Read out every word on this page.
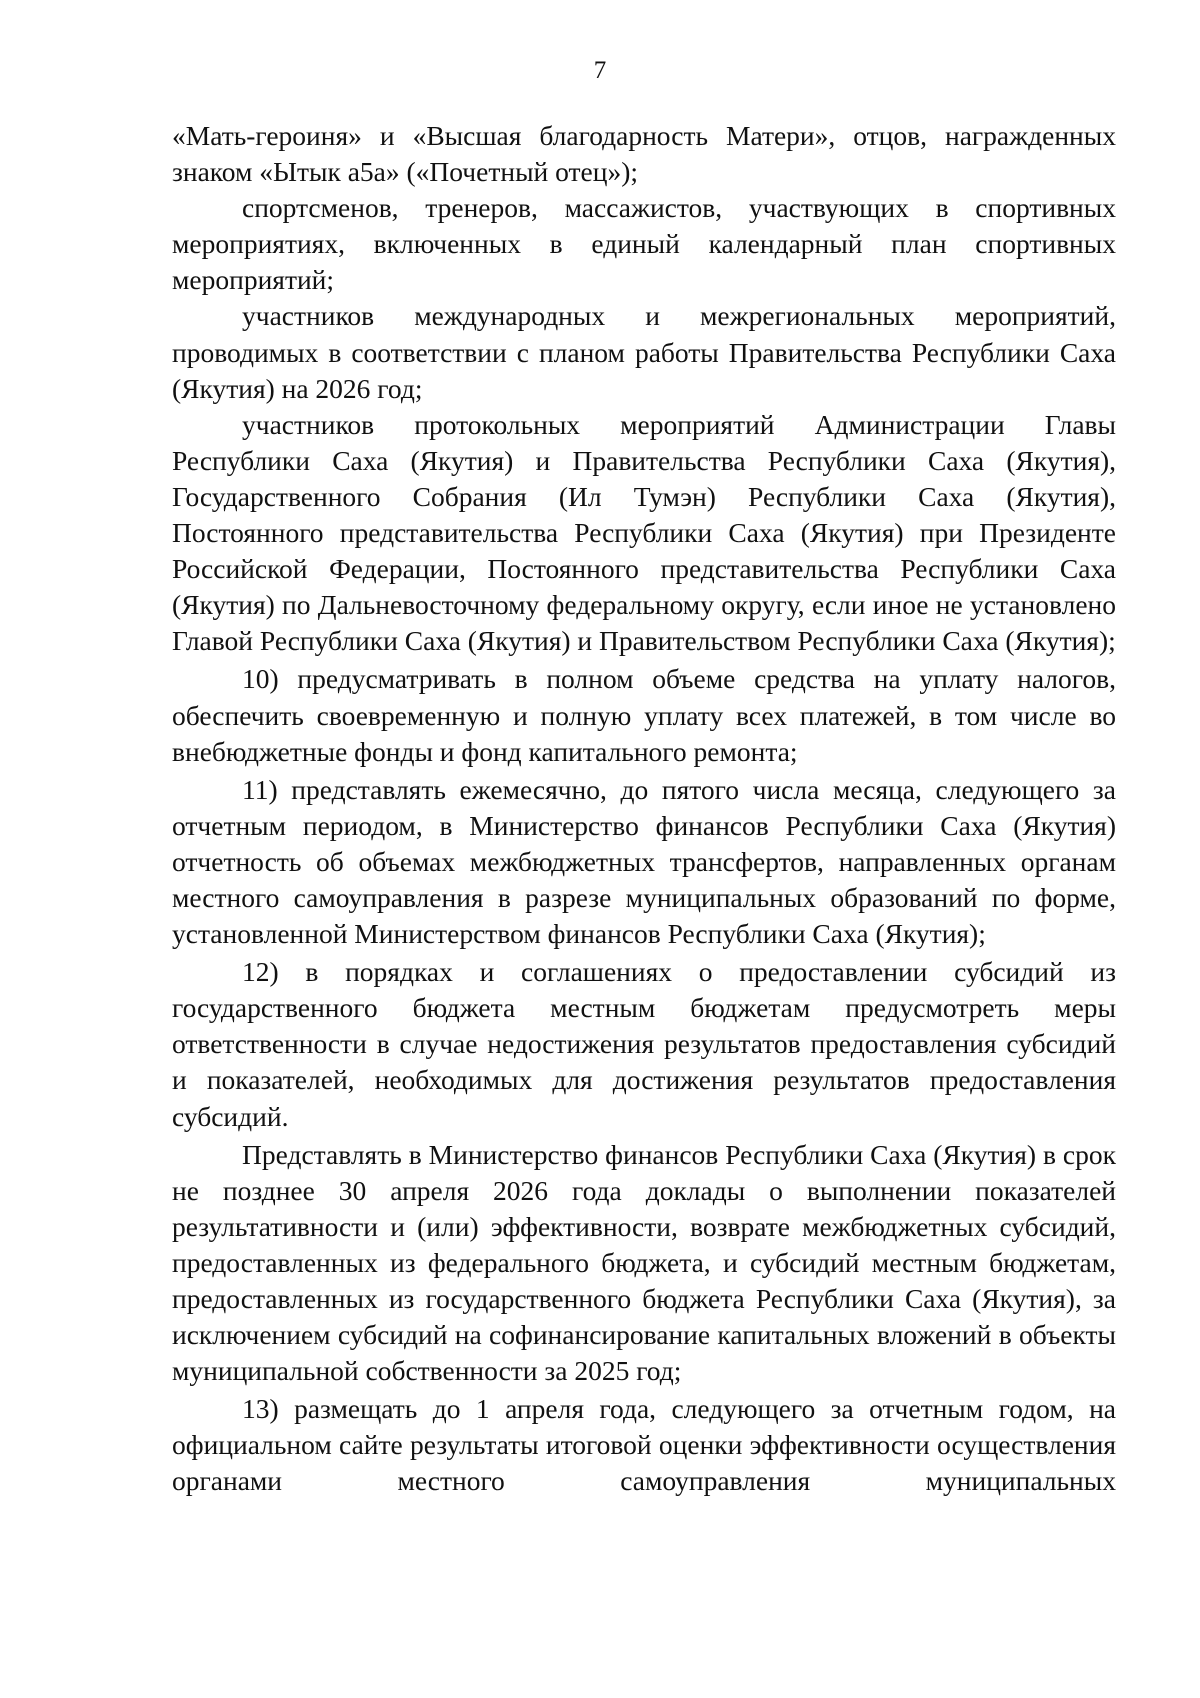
7

«Мать-героиня» и «Высшая благодарность Матери», отцов, награжденных знаком «Ытык а5а» («Почетный отец»);

спортсменов, тренеров, массажистов, участвующих в спортивных мероприятиях, включенных в единый календарный план спортивных мероприятий;

участников международных и межрегиональных мероприятий, проводимых в соответствии с планом работы Правительства Республики Саха (Якутия) на 2026 год;

участников протокольных мероприятий Администрации Главы Республики Саха (Якутия) и Правительства Республики Саха (Якутия), Государственного Собрания (Ил Тумэн) Республики Саха (Якутия), Постоянного представительства Республики Саха (Якутия) при Президенте Российской Федерации, Постоянного представительства Республики Саха (Якутия) по Дальневосточному федеральному округу, если иное не установлено Главой Республики Саха (Якутия) и Правительством Республики Саха (Якутия);

10) предусматривать в полном объеме средства на уплату налогов, обеспечить своевременную и полную уплату всех платежей, в том числе во внебюджетные фонды и фонд капитального ремонта;

11) представлять ежемесячно, до пятого числа месяца, следующего за отчетным периодом, в Министерство финансов Республики Саха (Якутия) отчетность об объемах межбюджетных трансфертов, направленных органам местного самоуправления в разрезе муниципальных образований по форме, установленной Министерством финансов Республики Саха (Якутия);

12) в порядках и соглашениях о предоставлении субсидий из государственного бюджета местным бюджетам предусмотреть меры ответственности в случае недостижения результатов предоставления субсидий и показателей, необходимых для достижения результатов предоставления субсидий.

Представлять в Министерство финансов Республики Саха (Якутия) в срок не позднее 30 апреля 2026 года доклады о выполнении показателей результативности и (или) эффективности, возврате межбюджетных субсидий, предоставленных из федерального бюджета, и субсидий местным бюджетам, предоставленных из государственного бюджета Республики Саха (Якутия), за исключением субсидий на софинансирование капитальных вложений в объекты муниципальной собственности за 2025 год;

13) размещать до 1 апреля года, следующего за отчетным годом, на официальном сайте результаты итоговой оценки эффективности осуществления органами местного самоуправления муниципальных
